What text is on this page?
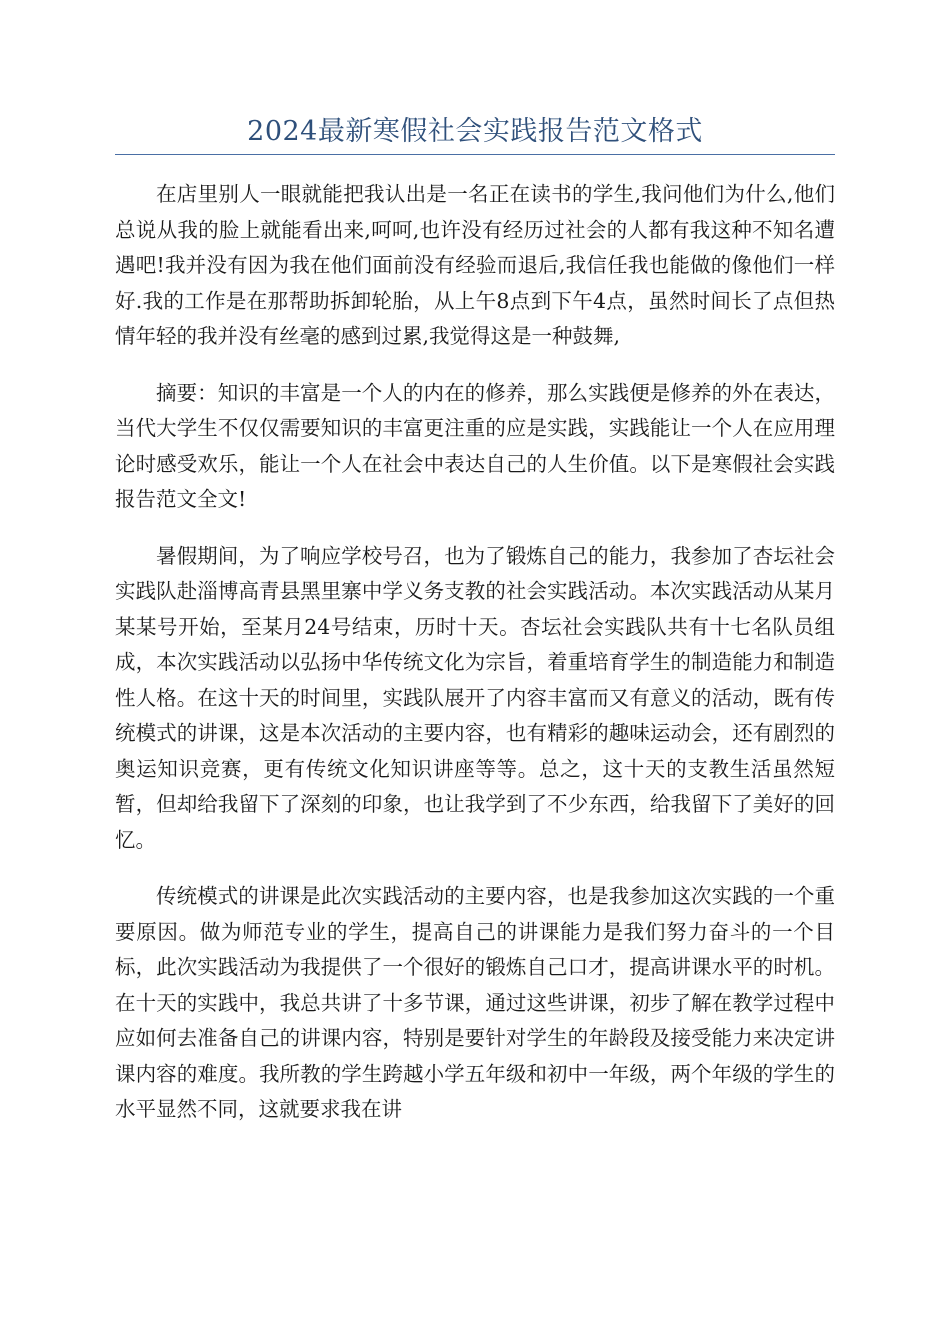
2024最新寒假社会实践报告范文格式

在店里别人一眼就能把我认出是一名正在读书的学生,我问他们为什么,他们总说从我的脸上就能看出来,呵呵,也许没有经历过社会的人都有我这种不知名遭遇吧!我并没有因为我在他们面前没有经验而退后,我信任我也能做的像他们一样好.我的工作是在那帮助拆卸轮胎，从上午8点到下午4点，虽然时间长了点但热情年轻的我并没有丝毫的感到过累,我觉得这是一种鼓舞,

摘要：知识的丰富是一个人的内在的修养，那么实践便是修养的外在表达，当代大学生不仅仅需要知识的丰富更注重的应是实践，实践能让一个人在应用理论时感受欢乐，能让一个人在社会中表达自己的人生价值。以下是寒假社会实践报告范文全文!

暑假期间，为了响应学校号召，也为了锻炼自己的能力，我参加了杏坛社会实践队赴淄博高青县黑里寨中学义务支教的社会实践活动。本次实践活动从某月某某号开始，至某月24号结束，历时十天。杏坛社会实践队共有十七名队员组成，本次实践活动以弘扬中华传统文化为宗旨，着重培育学生的制造能力和制造性人格。在这十天的时间里，实践队展开了内容丰富而又有意义的活动，既有传统模式的讲课，这是本次活动的主要内容，也有精彩的趣味运动会，还有剧烈的奥运知识竞赛，更有传统文化知识讲座等等。总之，这十天的支教生活虽然短暂，但却给我留下了深刻的印象，也让我学到了不少东西，给我留下了美好的回忆。

传统模式的讲课是此次实践活动的主要内容，也是我参加这次实践的一个重要原因。做为师范专业的学生，提高自己的讲课能力是我们努力奋斗的一个目标，此次实践活动为我提供了一个很好的锻炼自己口才，提高讲课水平的时机。在十天的实践中，我总共讲了十多节课，通过这些讲课，初步了解在教学过程中应如何去准备自己的讲课内容，特别是要针对学生的年龄段及接受能力来决定讲课内容的难度。我所教的学生跨越小学五年级和初中一年级，两个年级的学生的水平显然不同，这就要求我在讲
